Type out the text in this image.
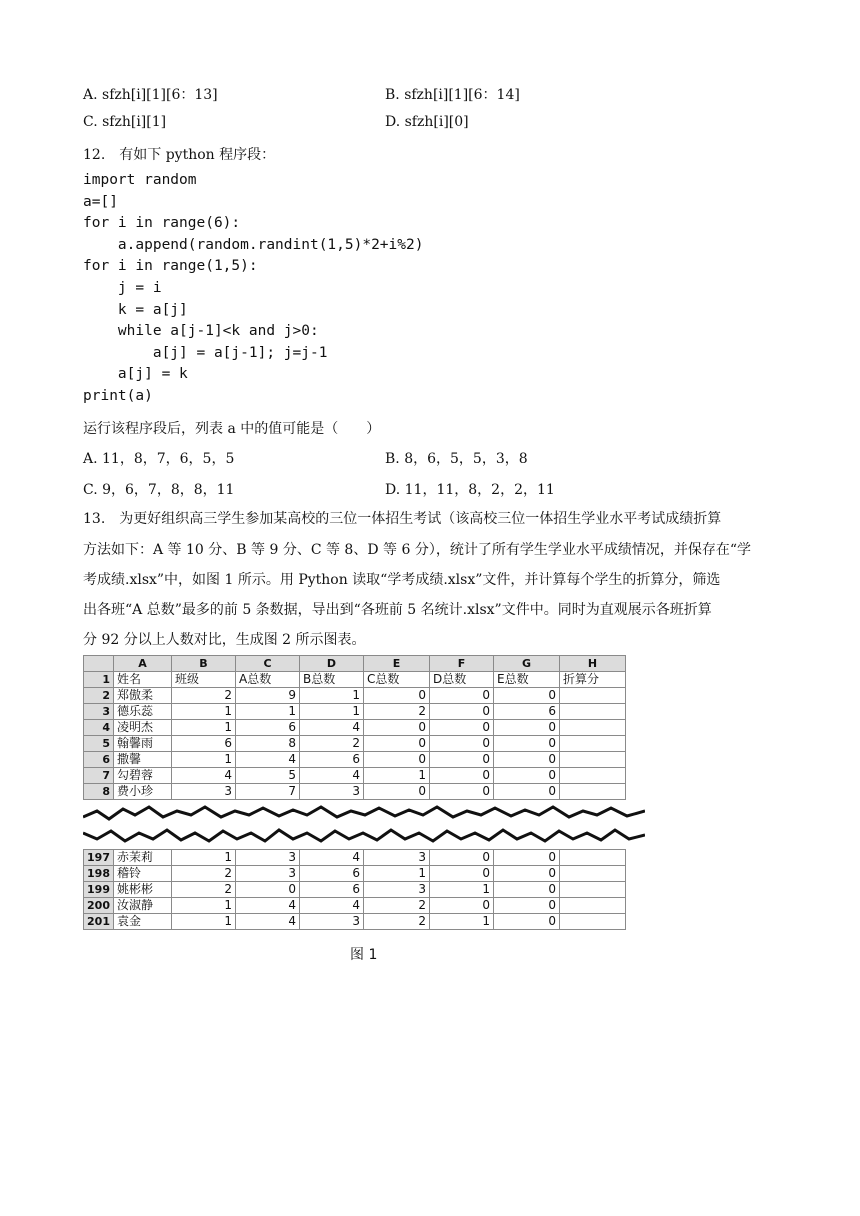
A. sfzh[i][1][6：13]	B. sfzh[i][1][6：14]
C. sfzh[i][1]	D. sfzh[i][0]
12.　有如下 python 程序段：
import random
a=[]
for i in range(6):
a.append(random.randint(1,5)*2+i%2)
for i in range(1,5):
j = i
k = a[j]
while a[j-1]<k and j>0:
a[j] = a[j-1]; j=j-1
a[j] = k
print(a)
运行该程序段后，列表 a 中的值可能是（　　）
A. 11，8，7，6，5，5	B. 8，6，5，5，3，8
C. 9，6，7，8，8，11	D. 11，11，8，2，2，11
13.　为更好组织高三学生参加某高校的三位一体招生考试（该高校三位一体招生学业水平考试成绩折算
方法如下：A 等 10 分、B 等 9 分、C 等 8、D 等 6 分），统计了所有学生学业水平成绩情况，并保存在“学
考成绩.xlsx”中，如图 1 所示。用 Python 读取“学考成绩.xlsx”文件，并计算每个学生的折算分，筛选
出各班“A 总数”最多的前 5 条数据，导出到“各班前 5 名统计.xlsx”文件中。同时为直观展示各班折算
分 92 分以上人数对比，生成图 2 所示图表。
	A	B	C	D	E	F	G	H
1	姓名	班级	A总数	B总数	C总数	D总数	E总数	折算分
2	郑傲柔	2	9	1	0	0	0	
3	德乐蕊	1	1	1	2	0	6	
4	凌明杰	1	6	4	0	0	0	
5	翰馨雨	6	8	2	0	0	0	
6	撒馨	1	4	6	0	0	0	
7	勾碧蓉	4	5	4	1	0	0	
8	费小珍	3	7	3	0	0	0	
197	赤茉莉	1	3	4	3	0	0	
198	稽铃	2	3	6	1	0	0	
199	姚彬彬	2	0	6	3	1	0	
200	汝淑静	1	4	4	2	0	0	
201	袁金	1	4	3	2	1	0	
图 1
